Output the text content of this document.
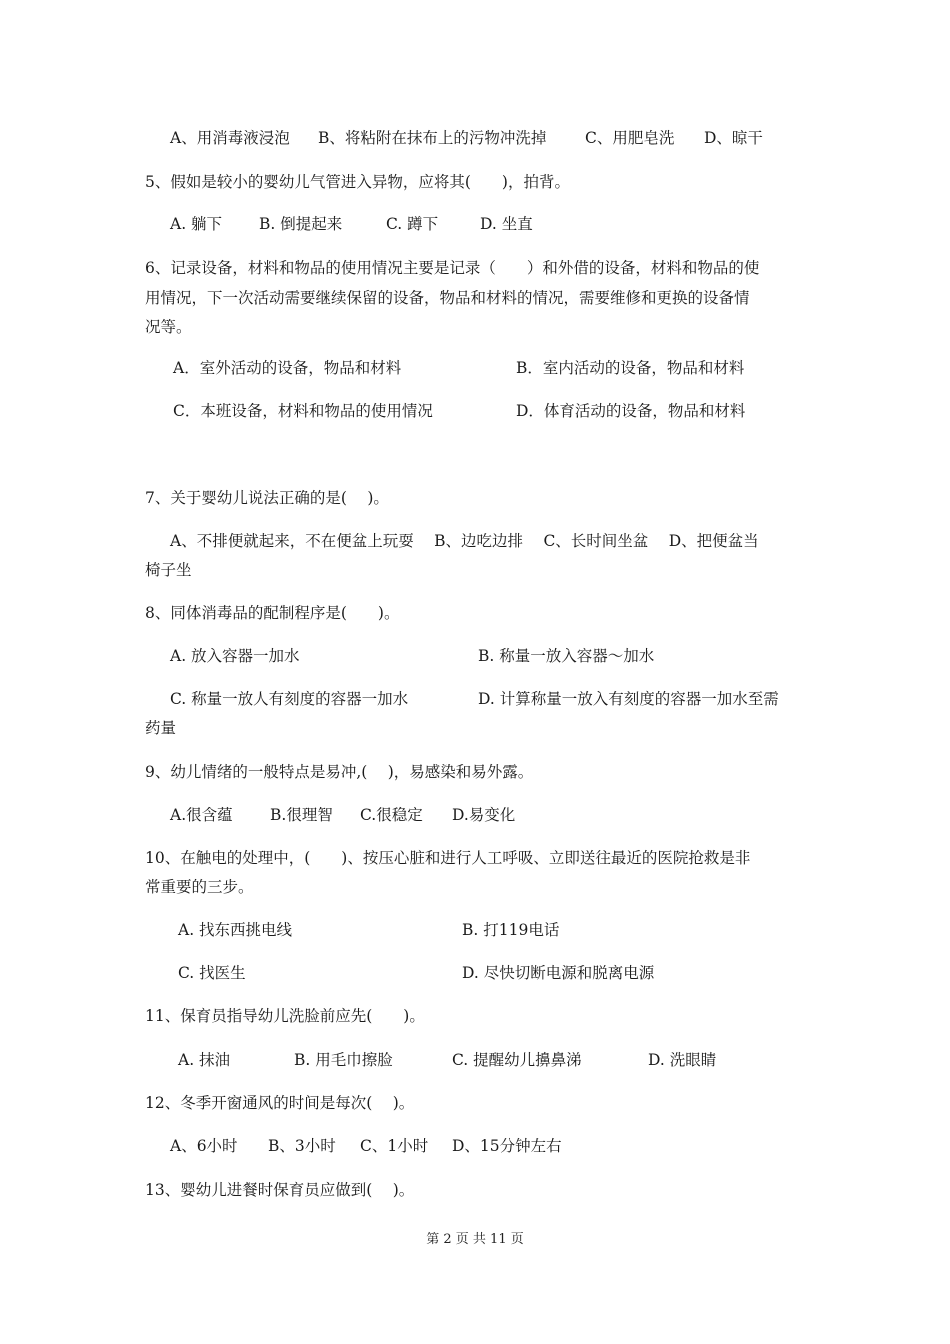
A、用消毒液浸泡 B、将粘附在抹布上的污物冲洗掉 C、用肥皂洗 D、晾干
5、假如是较小的婴幼儿气管进入异物，应将其(　　)，拍背。
A. 躺下 B. 倒提起来	C. 蹲下	D. 坐直
6、记录设备，材料和物品的使用情况主要是记录（　　）和外借的设备，材料和物品的使
用情况，下一次活动需要继续保留的设备，物品和材料的情况，需要维修和更换的设备情
况等。
A．室外活动的设备，物品和材料	B．室内活动的设备，物品和材料
C．本班设备，材料和物品的使用情况	D．体育活动的设备，物品和材料
7、关于婴幼儿说法正确的是(　 )。
A、不排便就起来，不在便盆上玩耍　 B、边吃边排　 C、长时间坐盆　 D、把便盆当
椅子坐
8、同体消毒品的配制程序是(　　)。
A. 放入容器一加水	B. 称量一放入容器～加水
C. 称量一放人有刻度的容器一加水	D. 计算称量一放入有刻度的容器一加水至需
药量
9、幼儿情绪的一般特点是易冲,(　 )，易感染和易外露。
A.很含蕴 B.很理智 C.很稳定 D.易变化
10、在触电的处理中，(　　)、按压心脏和进行人工呼吸、立即送往最近的医院抢救是非
常重要的三步。
A. 找东西挑电线	B. 打119电话
C. 找医生	D. 尽快切断电源和脱离电源
11、保育员指导幼儿洗脸前应先(　　)。
A. 抹油	B. 用毛巾擦脸	C. 提醒幼儿擤鼻涕	D. 洗眼睛
12、冬季开窗通风的时间是每次(　 )。
A、6小时 B、3小时 C、1小时 D、15分钟左右
13、婴幼儿进餐时保育员应做到(　 )。
第 2 页 共 11 页
